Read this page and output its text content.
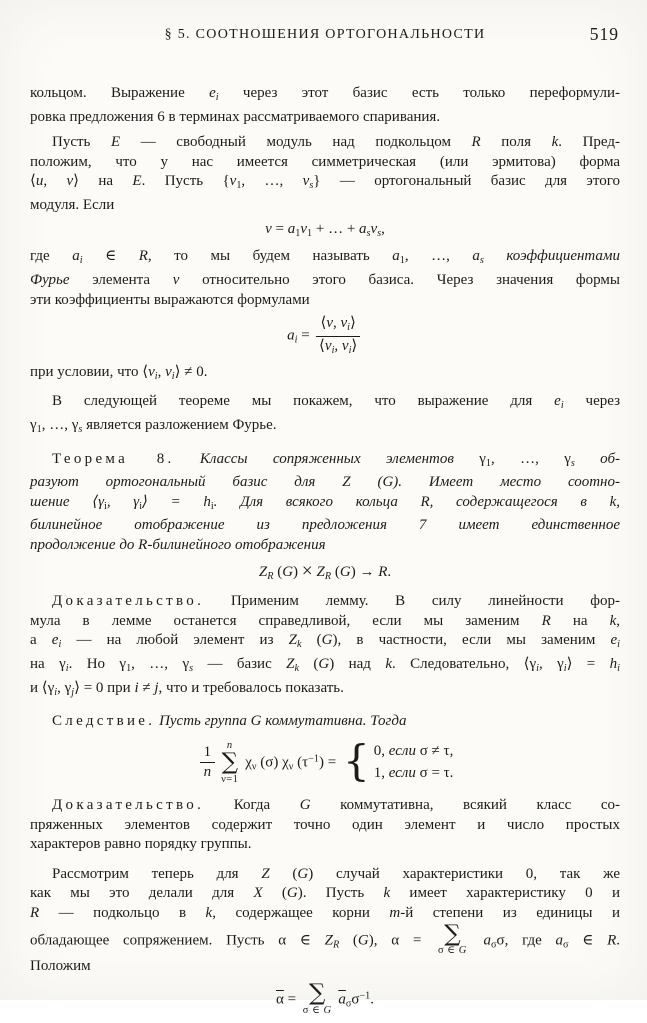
§ 5. СООТНОШЕНИЯ ОРТОГОНАЛЬНОСТИ	519
кольцом. Выражение $e_i$ через этот базис есть только переформули-
ровка предложения 6 в терминах рассматриваемого спаривания.
Пусть E — свободный модуль над подкольцом R поля k. Пред-
положим, что у нас имеется симметрическая (или эрмитова) форма
⟨u, v⟩ на E. Пусть {$v_1$, …, $v_s$} — ортогональный базис для этого
модуля. Если
$v = a_1v_1$ + … + $a_sv_s$,
где $a_i$ ∈ R, то мы будем называть $a_1$, …, $a_s$ коэффициентами
Фурье элемента v относительно этого базиса. Через значения формы
эти коэффициенты выражаются формулами
$a_i = \frac{⟨v, v_i⟩}{⟨v_i, v_i⟩}$
при условии, что $⟨v_i$, $v_i⟩ \ne 0$.
В следующей теореме мы покажем, что выражение для $e_i$ через
$\gamma_1$, …, $\gamma_s$ является разложением Фурье.
Теорема 8. Классы сопряженных элементов $\gamma_1$, …, $\gamma_s$ об-
разуют ортогональный базис для Z (G). Имеет место соотно-
шение $⟨\gamma_i$, $\gamma_i⟩ = h_i$. Для всякого кольца R, содержащегося в k,
билинейное отображение из предложения 7 имеет единственное
продолжение до R-билинейного отображения
$Z_R$ $(G) \times Z_R$ (G) → R.
Доказательство. Применим лемму. В силу линейности фор-
мула в лемме останется справедливой, если мы заменим R на k,
а $e_i$ — на любой элемент из $Z_k$ (G), в частности, если мы заменим $e_i$
на $\gamma_i$. Но $\gamma_1$, …, $\gamma_s$ — базис $Z_k$ (G) над k. Следовательно, $⟨\gamma_i$, $\gamma_i⟩ = h_i$
и $⟨\gamma_i$, $\gamma_j⟩ = 0$ при i ≠ j, что и требовалось показать.
Следствие. Пусть группа G коммутативна. Тогда
$\frac{1}{n}$ n
∑
ν=1
$\chi_\nu$ (σ) $\chi_\nu$ $(\tau^{-1})$ = { 0, если σ ≠ τ,
1, если σ = τ.
Доказательство. Когда G коммутативна, всякий класс со-
пряженных элементов содержит точно один элемент и число простых
характеров равно порядку группы.
Рассмотрим теперь для Z (G) случай характеристики 0, так же
как мы это делали для X (G). Пусть k имеет характеристику 0 и
R — подкольцо в k, содержащее корни m-й степени из единицы и
обладающее сопряжением. Пусть α ∈ $Z_R$ (G), α = ∑
σ ∈ G
$a_\sigma\sigma$, где $a_\sigma$ ∈ R.
Положим
$\overline{\alpha}$ = ∑
σ ∈ G
$\overline{a}_\sigma\sigma^{-1}$.
